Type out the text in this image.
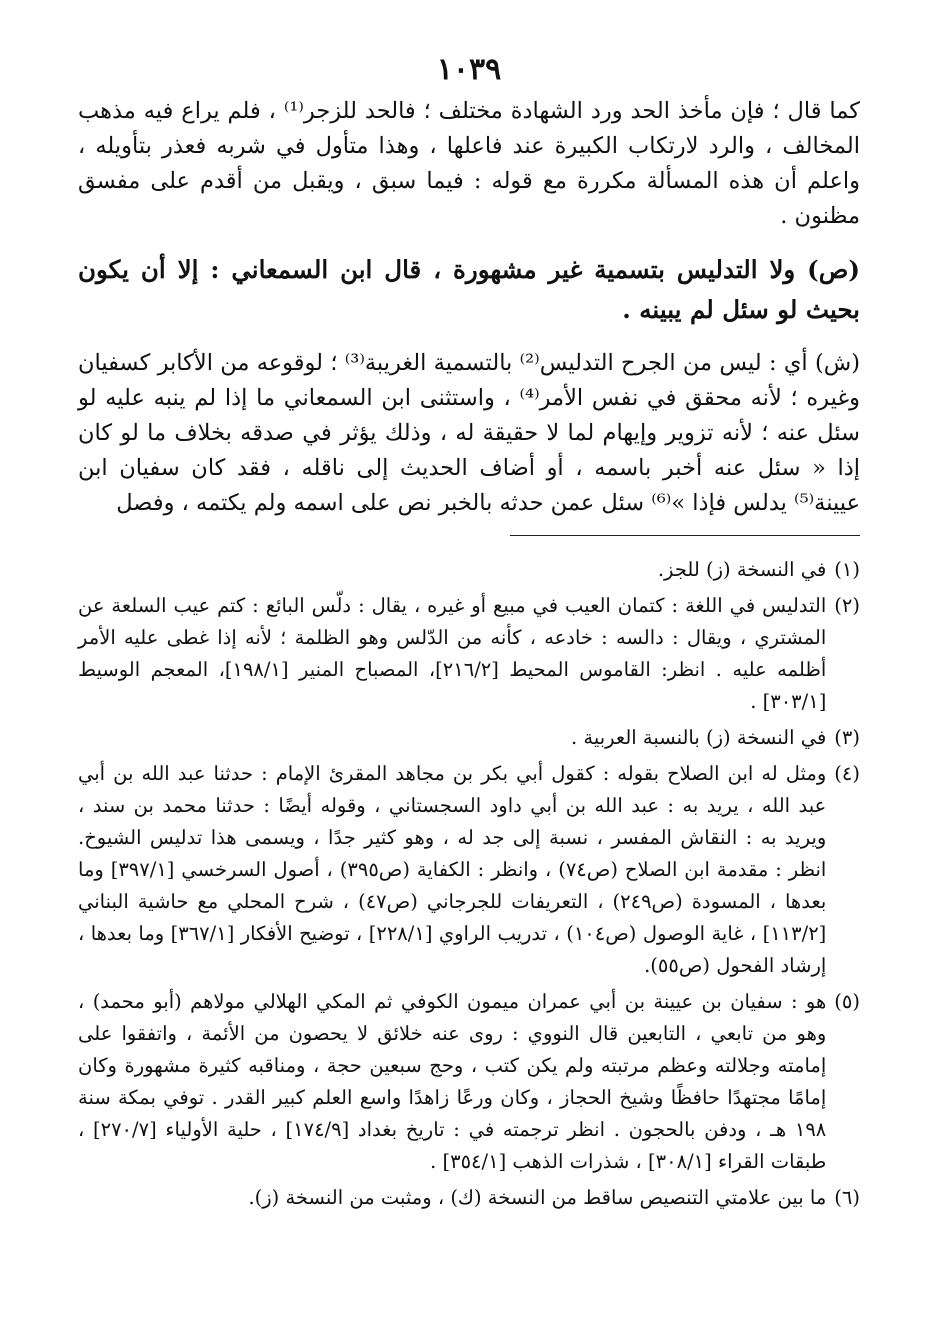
١٠٣٩

كما قال ؛ فإن مأخذ الحد ورد الشهادة مختلف ؛ فالحد للزجر⁽¹⁾ ، فلم يراع فيه مذهب المخالف ، والرد لارتكاب الكبيرة عند فاعلها ، وهذا متأول في شربه فعذر بتأويله ، واعلم أن هذه المسألة مكررة مع قوله : فيما سبق ، ويقبل من أقدم على مفسق مظنون .

(ص) ولا التدليس بتسمية غير مشهورة ، قال ابن السمعاني : إلا أن يكون بحيث لو سئل لم يبينه .

(ش) أي : ليس من الجرح التدليس⁽²⁾ بالتسمية الغريبة⁽³⁾ ؛ لوقوعه من الأكابر كسفيان وغيره ؛ لأنه محقق في نفس الأمر⁽⁴⁾ ، واستثنى ابن السمعاني ما إذا لم ينبه عليه لو سئل عنه ؛ لأنه تزوير وإيهام لما لا حقيقة له ، وذلك يؤثر في صدقه بخلاف ما لو كان إذا « سئل عنه أخبر باسمه ، أو أضاف الحديث إلى ناقله ، فقد كان سفيان ابن عيينة⁽⁵⁾ يدلس فإذا »⁽⁶⁾ سئل عمن حدثه بالخبر نص على اسمه ولم يكتمه ، وفصل

(١)
في النسخة (ز) للجز.
(٢)
التدليس في اللغة : كتمان العيب في مبيع أو غيره ، يقال : دلّس البائع : كتم عيب السلعة عن المشتري ، ويقال : دالسه : خادعه ، كأنه من الدّلس وهو الظلمة ؛ لأنه إذا غطى عليه الأمر أظلمه عليه . انظر: القاموس المحيط [٢١٦/٢]، المصباح المنير [١٩٨/١]، المعجم الوسيط [٣٠٣/١] .
(٣)
في النسخة (ز) بالنسبة العربية .
(٤)
ومثل له ابن الصلاح بقوله : كقول أبي بكر بن مجاهد المقرئ الإمام : حدثنا عبد الله بن أبي عبد الله ، يريد به : عبد الله بن أبي داود السجستاني ، وقوله أيضًا : حدثنا محمد بن سند ، ويريد به : النقاش المفسر ، نسبة إلى جد له ، وهو كثير جدًا ، ويسمى هذا تدليس الشيوخ. انظر : مقدمة ابن الصلاح (ص٧٤) ، وانظر : الكفاية (ص٣٩٥) ، أصول السرخسي [٣٩٧/١] وما بعدها ، المسودة (ص٢٤٩) ، التعريفات للجرجاني (ص٤٧) ، شرح المحلي مع حاشية البناني [١١٣/٢] ، غاية الوصول (ص١٠٤) ، تدريب الراوي [٢٢٨/١] ، توضيح الأفكار [٣٦٧/١] وما بعدها ، إرشاد الفحول (ص٥٥).
(٥)
هو : سفيان بن عيينة بن أبي عمران ميمون الكوفي ثم المكي الهلالي مولاهم (أبو محمد) ، وهو من تابعي ، التابعين قال النووي : روى عنه خلائق لا يحصون من الأئمة ، واتفقوا على إمامته وجلالته وعظم مرتبته ولم يكن كتب ، وحج سبعين حجة ، ومناقبه كثيرة مشهورة وكان إمامًا مجتهدًا حافظًا وشيخ الحجاز ، وكان ورعًا زاهدًا واسع العلم كبير القدر . توفي بمكة سنة ١٩٨ هـ ، ودفن بالحجون . انظر ترجمته في : تاريخ بغداد [١٧٤/٩] ، حلية الأولياء [٢٧٠/٧] ، طبقات القراء [٣٠٨/١] ، شذرات الذهب [٣٥٤/١] .
(٦)
ما بين علامتي التنصيص ساقط من النسخة (ك) ، ومثبت من النسخة (ز).
